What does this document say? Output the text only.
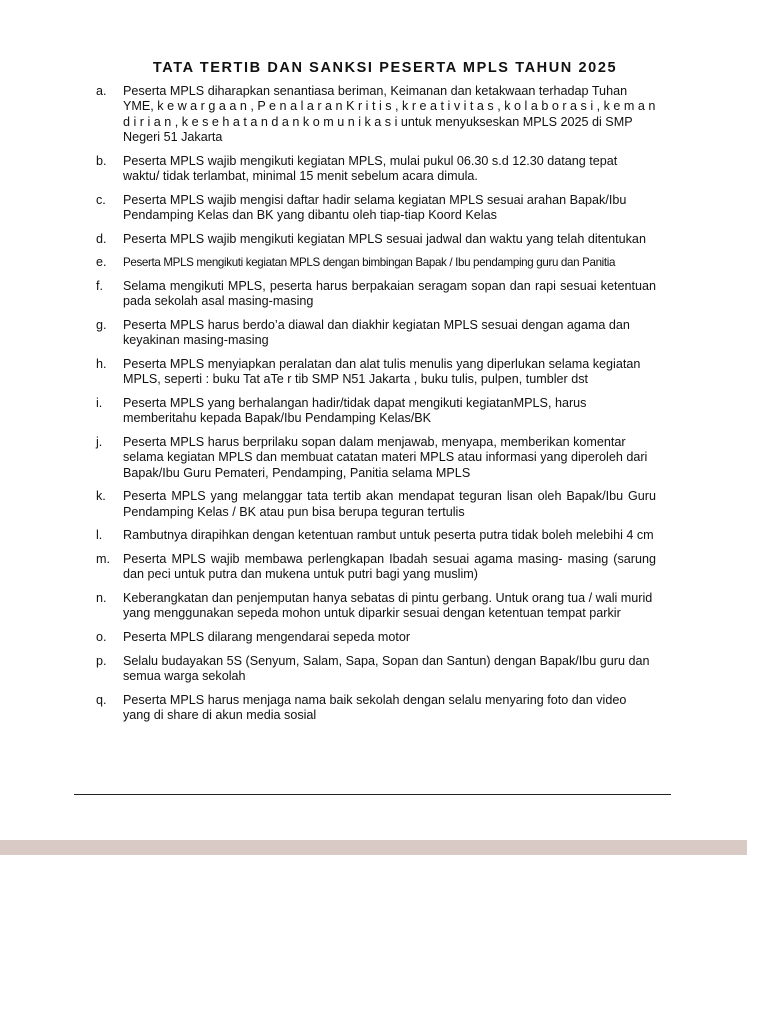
TATA TERTIB DAN SANKSI PESERTA MPLS TAHUN 2025
a. Peserta MPLS diharapkan senantiasa beriman, Keimanan dan ketakwaan terhadap Tuhan YME, k e w a r g a a n , P e n a l a r a n K r i t i s , k r e a t i v i t a s , k o l a b o r a s i , k e m a n d i r i a n , k e s e h a t a n d a n k o m u n i k a s i untuk menyukseskan MPLS 2025 di SMP Negeri 51 Jakarta
b. Peserta MPLS wajib mengikuti kegiatan MPLS, mulai pukul 06.30 s.d 12.30 datang tepat waktu/ tidak terlambat, minimal 15 menit sebelum acara dimula.
c. Peserta MPLS wajib mengisi daftar hadir selama kegiatan MPLS sesuai arahan Bapak/Ibu Pendamping Kelas dan BK yang dibantu oleh tiap-tiap Koord Kelas
d. Peserta MPLS wajib mengikuti kegiatan MPLS sesuai jadwal dan waktu yang telah ditentukan
e. Peserta MPLS mengikuti kegiatan MPLS dengan bimbingan Bapak / Ibu pendamping guru dan Panitia
f. Selama mengikuti MPLS, peserta harus berpakaian seragam sopan dan rapi sesuai ketentuan pada sekolah asal masing-masing
g. Peserta MPLS harus berdo’a diawal dan diakhir kegiatan MPLS sesuai dengan agama dan keyakinan masing-masing
h. Peserta MPLS menyiapkan peralatan dan alat tulis menulis yang diperlukan selama kegiatan MPLS, seperti : buku Tat aTe r tib SMP N51 Jakarta , buku tulis, pulpen, tumbler dst
i. Peserta MPLS yang berhalangan hadir/tidak dapat mengikuti kegiatanMPLS, harus memberitahu kepada Bapak/Ibu Pendamping Kelas/BK
j. Peserta MPLS harus berprilaku sopan dalam menjawab, menyapa, memberikan komentar selama kegiatan MPLS dan membuat catatan materi MPLS atau informasi yang diperoleh dari Bapak/Ibu Guru Pemateri, Pendamping, Panitia selama MPLS
k. Peserta MPLS yang melanggar tata tertib akan mendapat teguran lisan oleh Bapak/Ibu Guru Pendamping Kelas / BK atau pun bisa berupa teguran tertulis
l. Rambutnya dirapihkan dengan ketentuan rambut untuk peserta putra tidak boleh melebihi 4 cm
m. Peserta MPLS wajib membawa perlengkapan Ibadah sesuai agama masing- masing (sarung dan peci untuk putra dan mukena untuk putri bagi yang muslim)
n. Keberangkatan dan penjemputan hanya sebatas di pintu gerbang. Untuk orang tua / wali murid yang menggunakan sepeda mohon untuk diparkir sesuai dengan ketentuan tempat parkir
o. Peserta MPLS dilarang mengendarai sepeda motor
p. Selalu budayakan 5S (Senyum, Salam, Sapa, Sopan dan Santun) dengan Bapak/Ibu guru dan semua warga sekolah
q. Peserta MPLS harus menjaga nama baik sekolah dengan selalu menyaring foto dan video yang di share di akun media sosial
